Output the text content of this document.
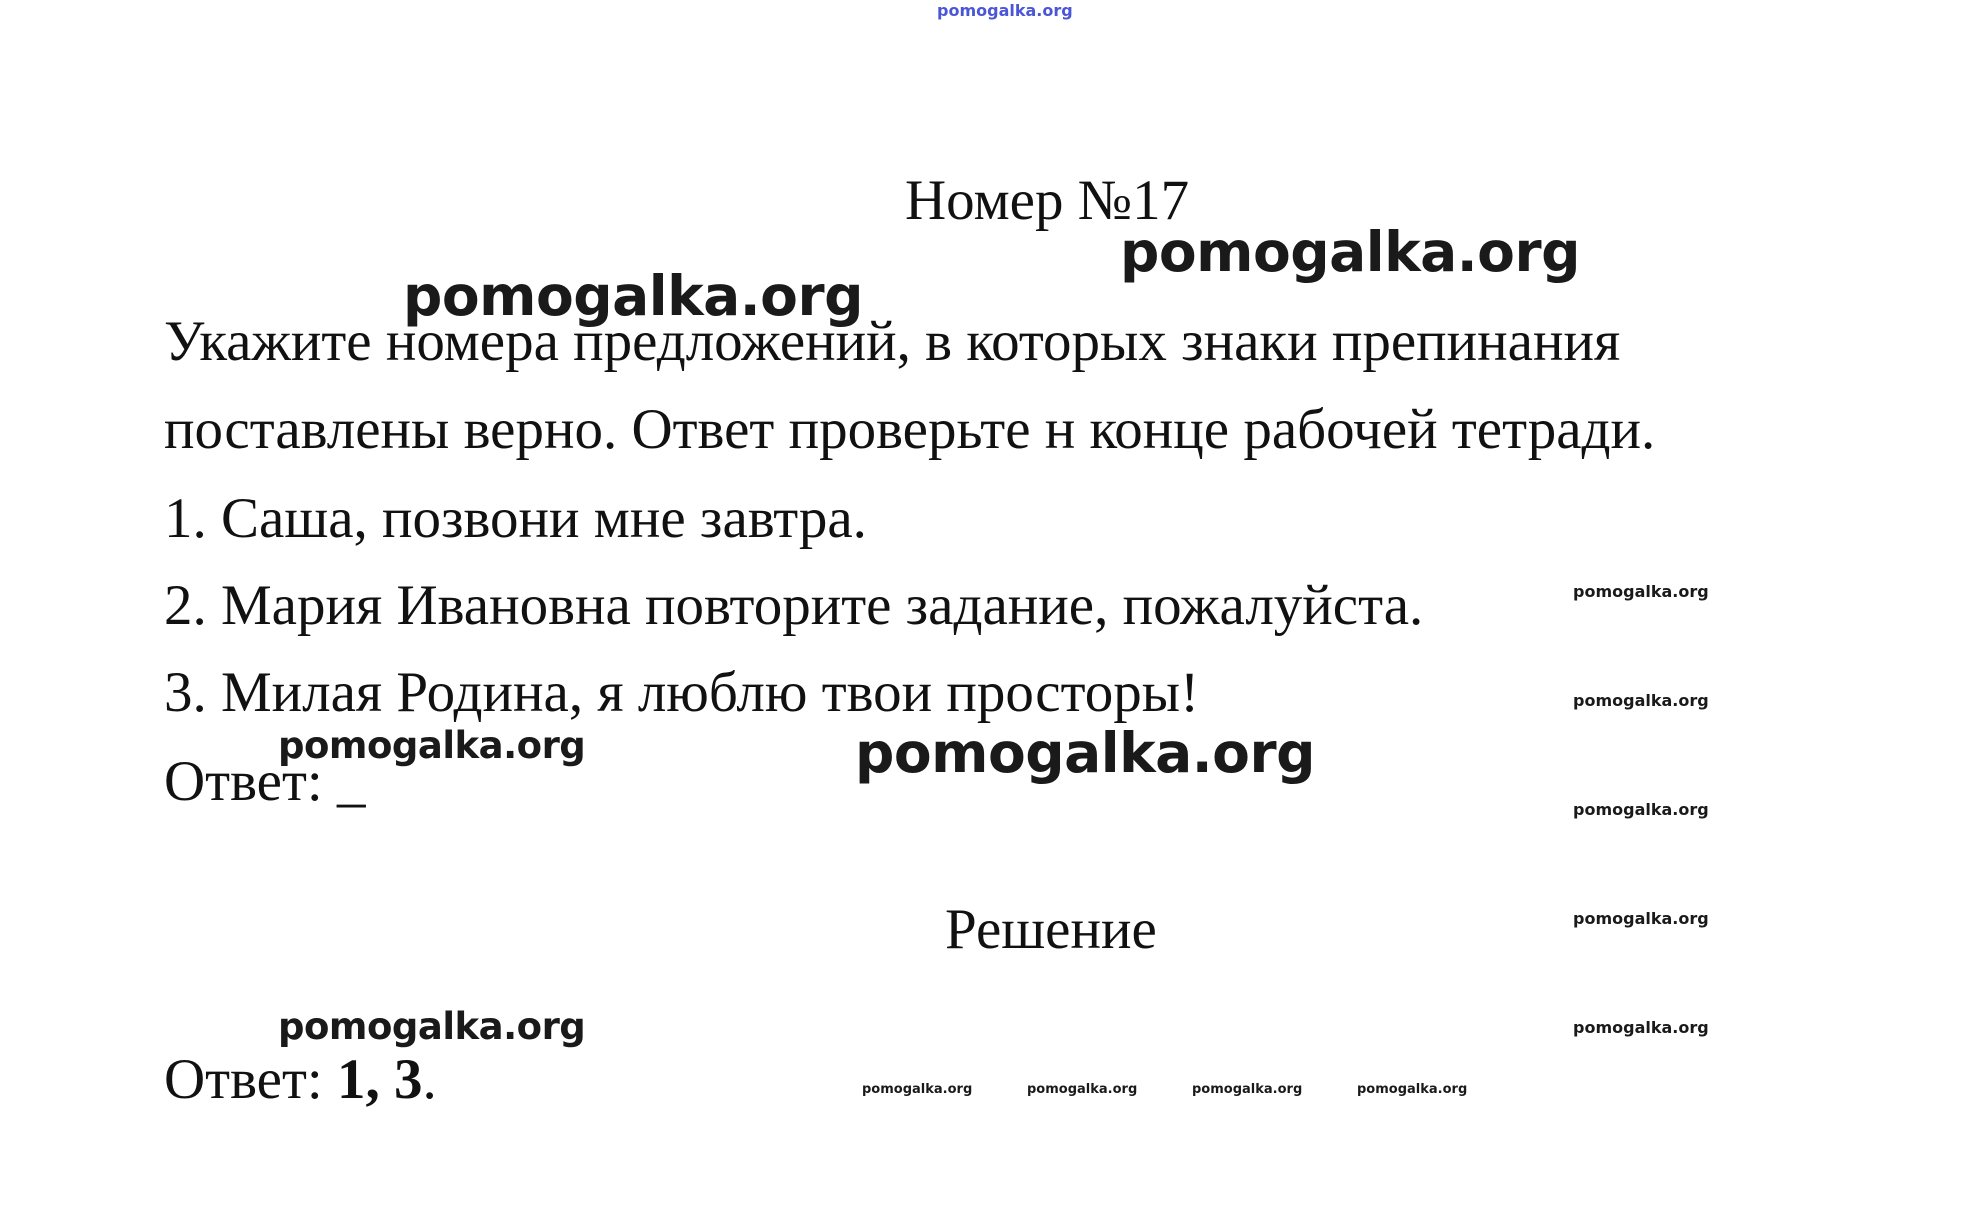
pomogalka.org
Номер №17
pomogalka.org
pomogalka.org
Укажите номера предложений, в которых знаки препинания
поставлены верно. Ответ проверьте н конце рабочей тетради.
1. Саша, позвони мне завтра.
2. Мария Ивановна повторите задание, пожалуйста.
3. Милая Родина, я люблю твои просторы!
Ответ: _
pomogalka.org	pomogalka.org
pomogalka.org
pomogalka.org
pomogalka.org
pomogalka.org
pomogalka.org
Решение
pomogalka.org
Ответ: 1, 3.	pomogalka.org	pomogalka.org	pomogalka.org	pomogalka.org
